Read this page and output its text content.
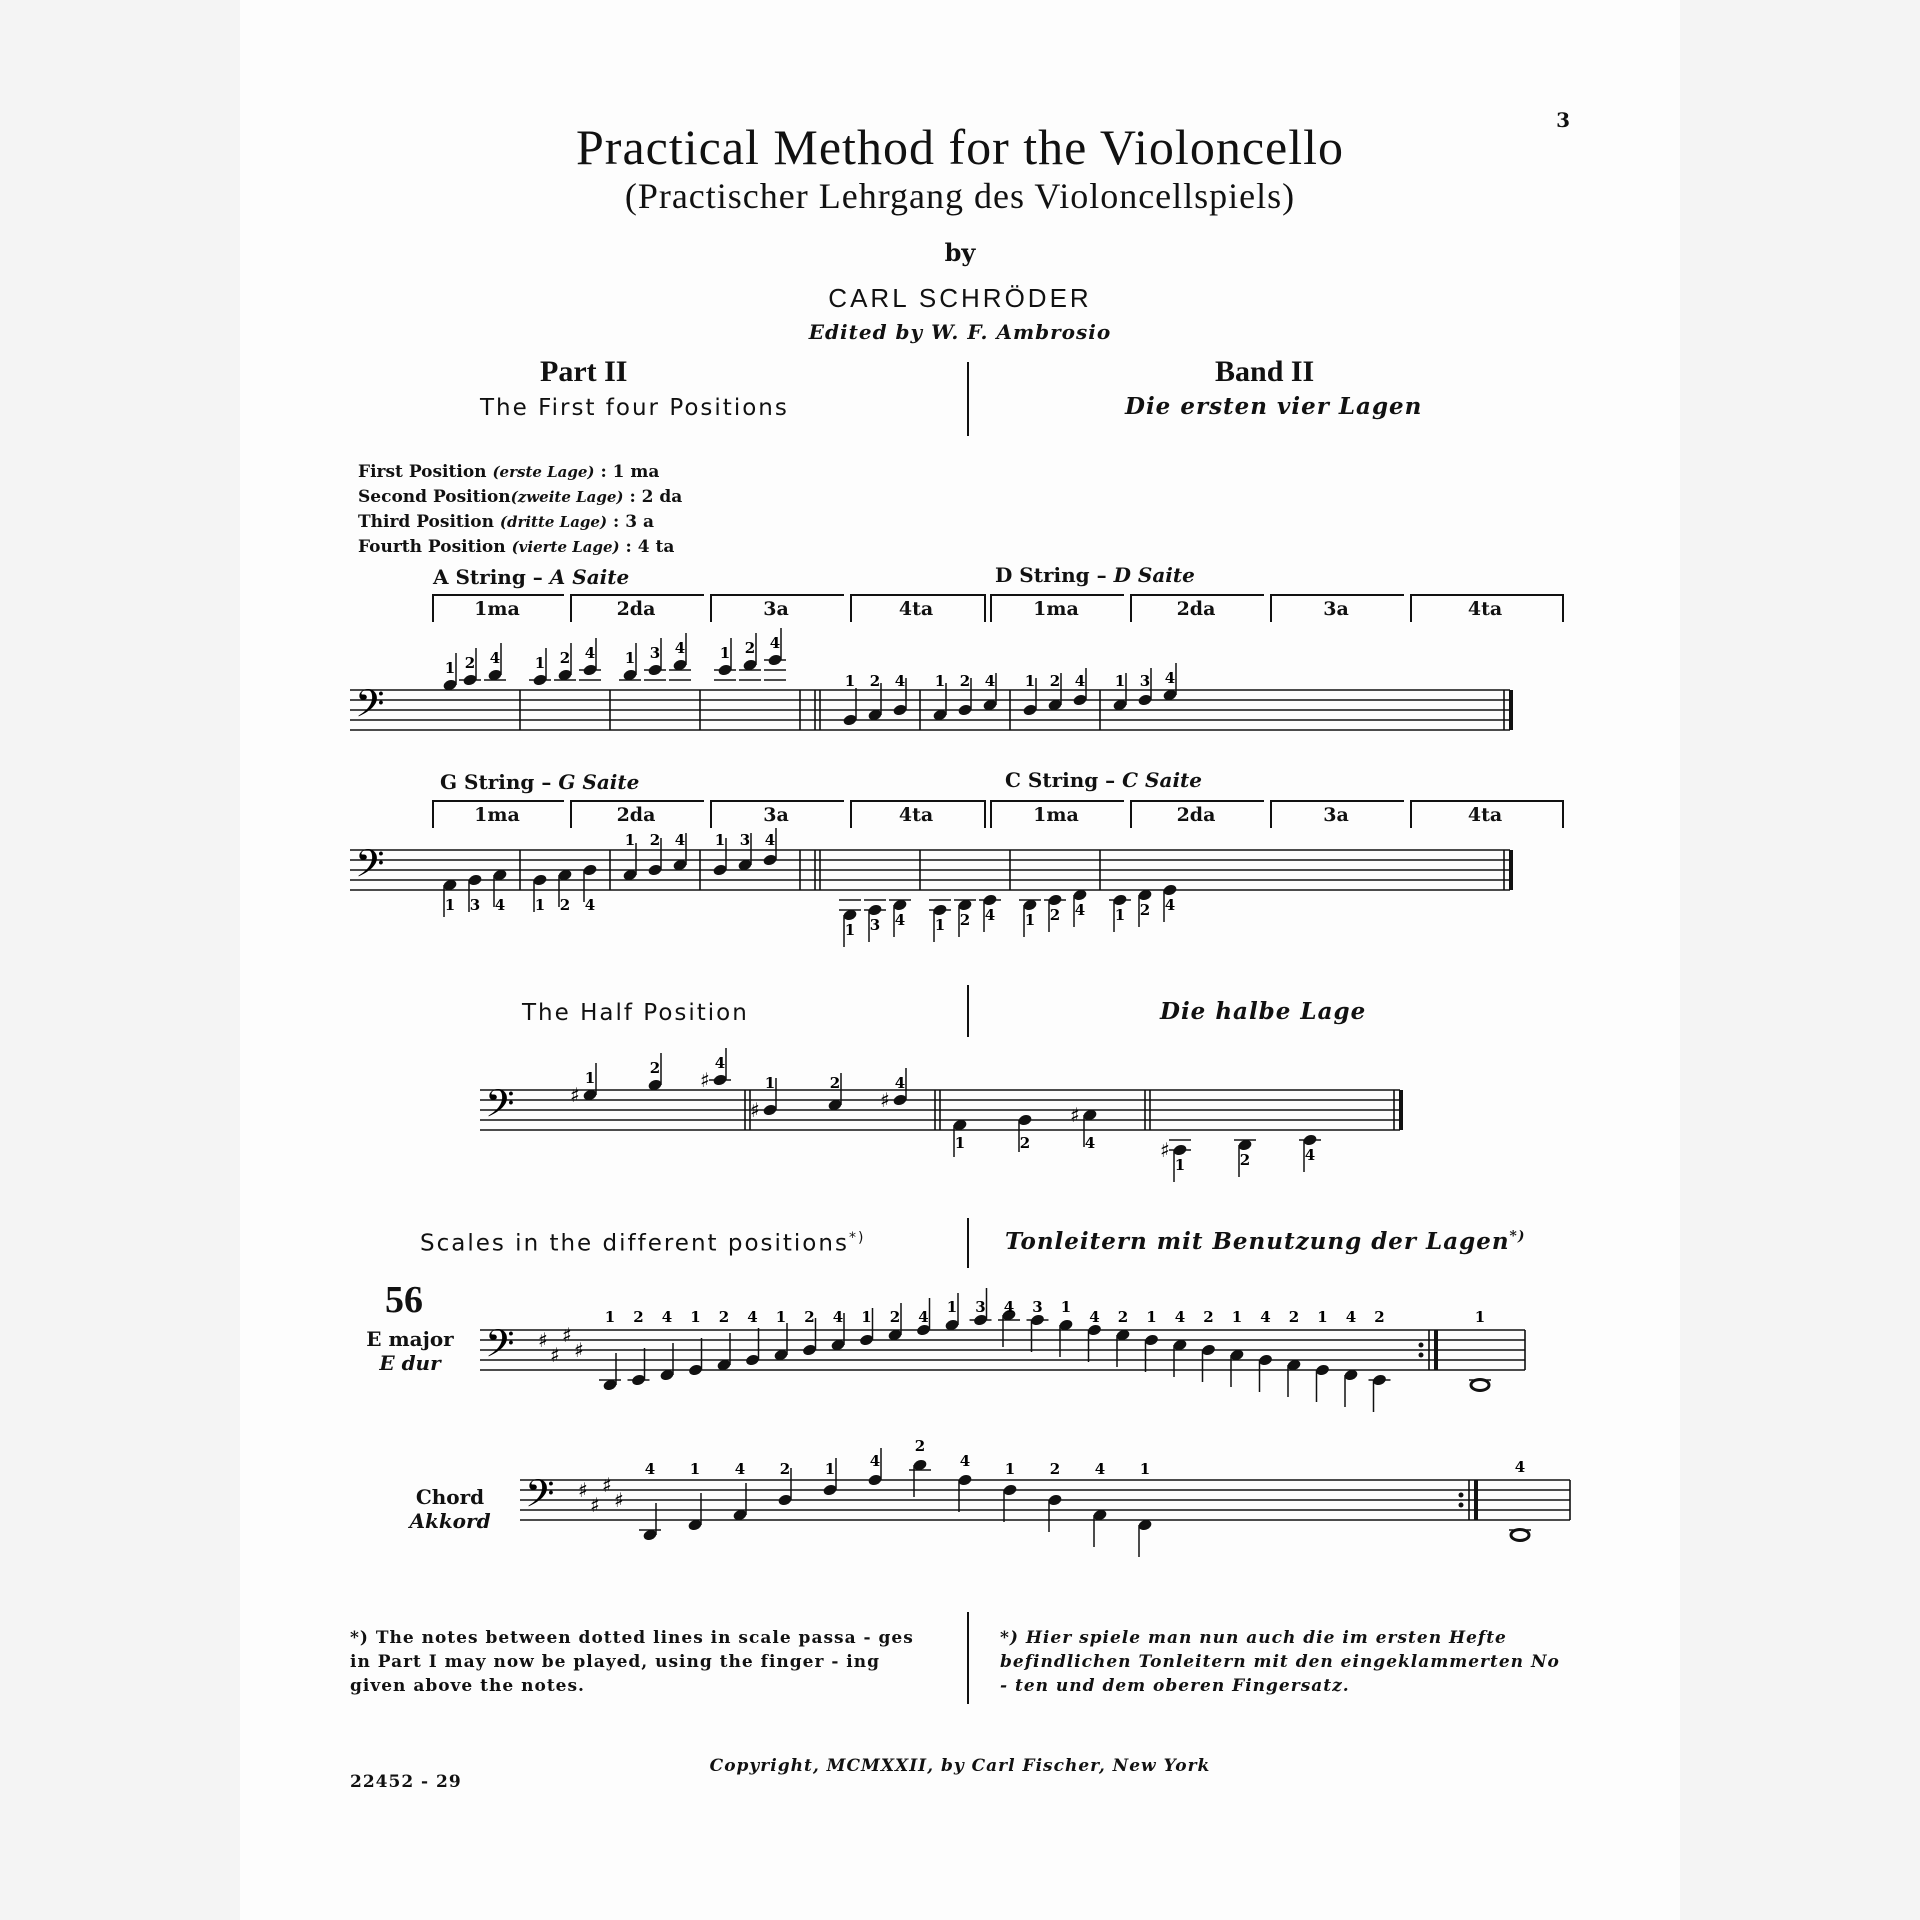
3
Practical Method for the Violoncello
(Practischer Lehrgang des Violoncellspiels)
by
CARL SCHRÖDER
Edited by W. F. Ambrosio
Part II
The First four Positions
Band II
Die ersten vier Lagen
First Position (erste Lage) : 1 ma
Second Position(zweite Lage) : 2 da
Third Position (dritte Lage) : 3 a
Fourth Position (vierte Lage) : 4 ta
A String – A Saite	D String – D Saite
𝄢
1 2 4 1 2 4 1 3 4 1 2 4
1 2 4 1 2 4 1 2 4 1 3 4
G String – G Saite	C String – C Saite
𝄢
1 3 4 1 2 4
1 2 4 1 3 4
1 3 4 1 2 4 1 2 4 1 2 4
The Half Position	Die halbe Lage
𝄢	♯
1
2 ♯
4
♯
1	2
♯
4
1	2
♯
4	♯
1	2	4
Scales in the different positions*)	Tonleitern mit Benutzung der Lagen*)
56
E major
E dur 𝄢 ♯
♯
♯
♯
1 2 4 1 2 4 1 2 4 1 2 4
1 3 4 3 1
4 2 1 4 2 1 4 2 1 4 2	1
Chord
Akkord 𝄢 ♯
♯
♯
♯
4 1 4 2 1 4
2
4 1 2 4 1	4
*) The notes between dotted lines in scale passa - ges in Part I may now be played, using the finger - ing given above the notes.
*) Hier spiele man nun auch die im ersten Hefte befindlichen Tonleitern mit den eingeklammerten No - ten und dem oberen Fingersatz.
Copyright, MCMXXII, by Carl Fischer, New York
22452 - 29
1ma	2da	3a	4ta	1ma	2da	3a	4ta
1ma	2da	3a	4ta	1ma	2da	3a	4ta
